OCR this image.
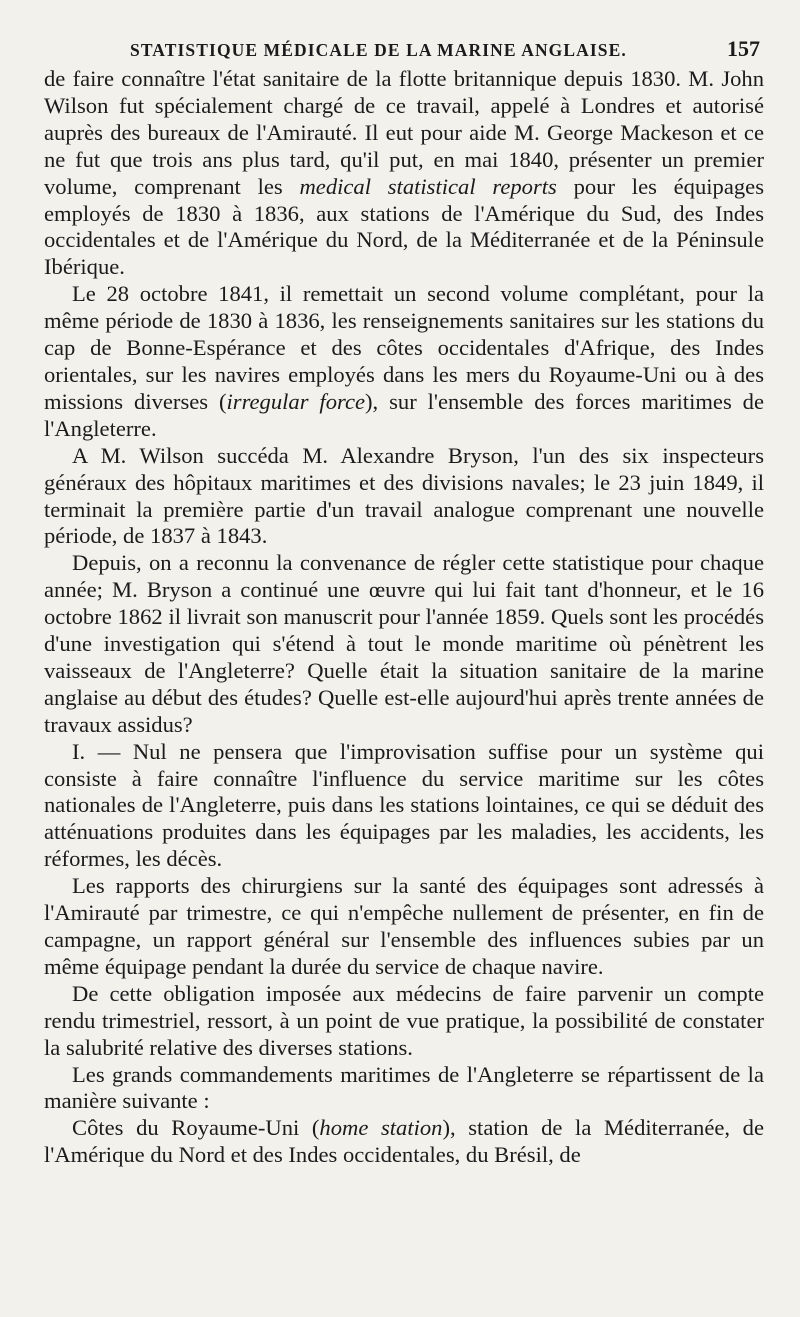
STATISTIQUE MÉDICALE DE LA MARINE ANGLAISE.	157

de faire connaître l'état sanitaire de la flotte britannique depuis 1830. M. John Wilson fut spécialement chargé de ce travail, appelé à Londres et autorisé auprès des bureaux de l'Amirauté. Il eut pour aide M. George Mackeson et ce ne fut que trois ans plus tard, qu'il put, en mai 1840, présenter un premier volume, comprenant les medical statistical reports pour les équipages employés de 1830 à 1836, aux stations de l'Amérique du Sud, des Indes occidentales et de l'Amérique du Nord, de la Méditerranée et de la Péninsule Ibérique.

Le 28 octobre 1841, il remettait un second volume complétant, pour la même période de 1830 à 1836, les renseignements sanitaires sur les stations du cap de Bonne-Espérance et des côtes occidentales d'Afrique, des Indes orientales, sur les navires employés dans les mers du Royaume-Uni ou à des missions diverses (irregular force), sur l'ensemble des forces maritimes de l'Angleterre.

A M. Wilson succéda M. Alexandre Bryson, l'un des six inspecteurs généraux des hôpitaux maritimes et des divisions navales; le 23 juin 1849, il terminait la première partie d'un travail analogue comprenant une nouvelle période, de 1837 à 1843.

Depuis, on a reconnu la convenance de régler cette statistique pour chaque année; M. Bryson a continué une œuvre qui lui fait tant d'honneur, et le 16 octobre 1862 il livrait son manuscrit pour l'année 1859. Quels sont les procédés d'une investigation qui s'étend à tout le monde maritime où pénètrent les vaisseaux de l'Angleterre? Quelle était la situation sanitaire de la marine anglaise au début des études? Quelle est-elle aujourd'hui après trente années de travaux assidus?

I. — Nul ne pensera que l'improvisation suffise pour un système qui consiste à faire connaître l'influence du service maritime sur les côtes nationales de l'Angleterre, puis dans les stations lointaines, ce qui se déduit des atténuations produites dans les équipages par les maladies, les accidents, les réformes, les décès.

Les rapports des chirurgiens sur la santé des équipages sont adressés à l'Amirauté par trimestre, ce qui n'empêche nullement de présenter, en fin de campagne, un rapport général sur l'ensemble des influences subies par un même équipage pendant la durée du service de chaque navire.

De cette obligation imposée aux médecins de faire parvenir un compte rendu trimestriel, ressort, à un point de vue pratique, la possibilité de constater la salubrité relative des diverses stations.

Les grands commandements maritimes de l'Angleterre se répartissent de la manière suivante :

Côtes du Royaume-Uni (home station), station de la Méditerranée, de l'Amérique du Nord et des Indes occidentales, du Brésil, de
